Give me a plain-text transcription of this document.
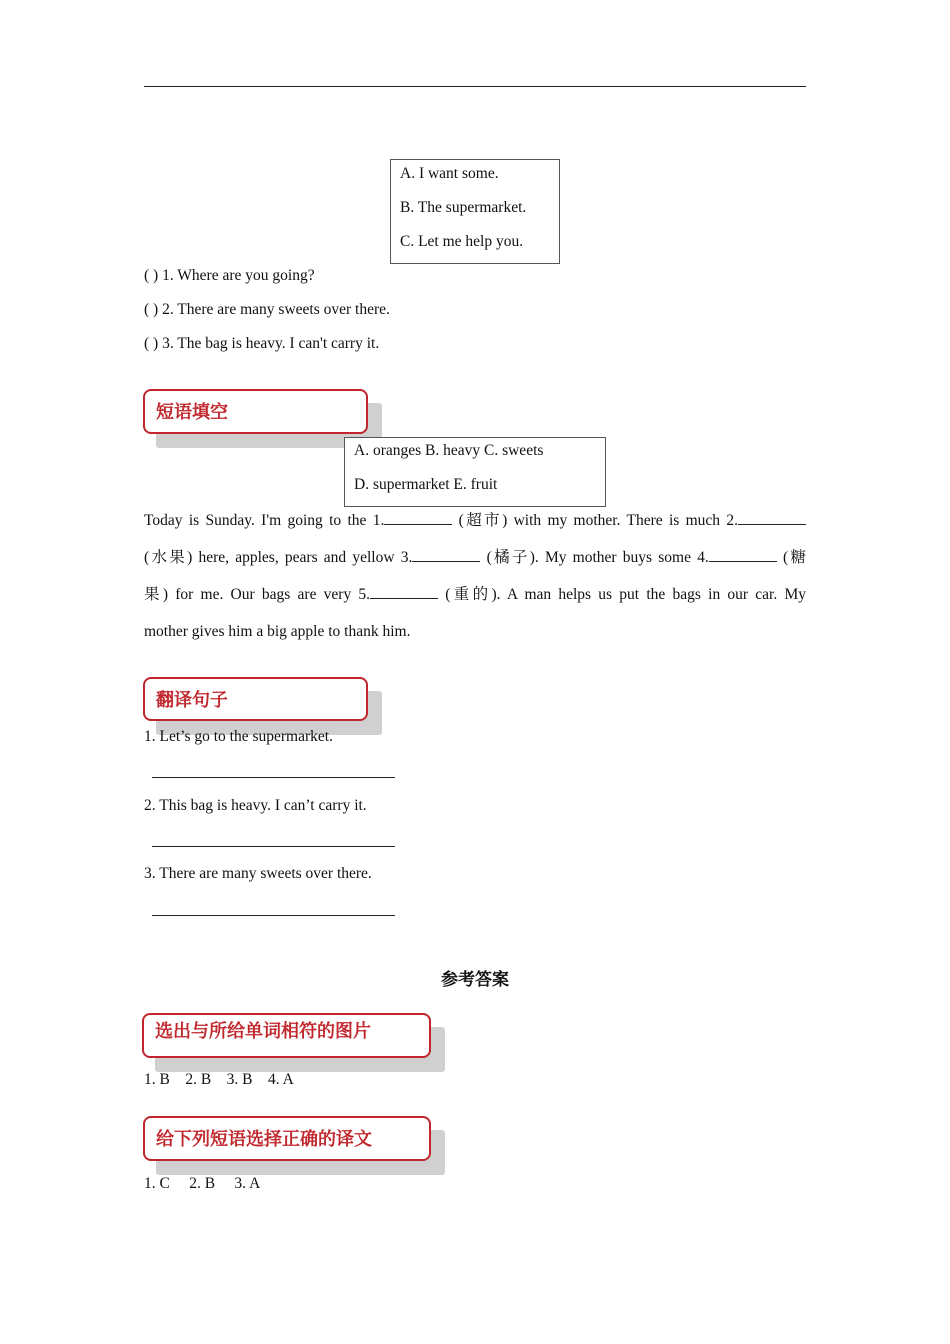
A. I want some.
B. The supermarket.
C. Let me help you.
( ) 1. Where are you going?
( ) 2. There are many sweets over there.
( ) 3. The bag is heavy. I can't carry it.
短语填空
A. oranges B. heavy C. sweets
D. supermarket E. fruit
Today is Sunday. I'm going to the 1.	(超市) with my mother. There is much 2.
(水果) here, apples, pears and yellow 3.	(橘子). My mother buys some 4.	(糖
果) for me. Our bags are very 5.	(重的). A man helps us put the bags in our car. My
mother gives him a big apple to thank him.
翻译句子
1. Let’s go to the supermarket.
2. This bag is heavy. I can’t carry it.
3. There are many sweets over there.
参考答案
选出与所给单词相符的图片
1. B    2. B    3. B    4. A
给下列短语选择正确的译文
1. C     2. B     3. A
